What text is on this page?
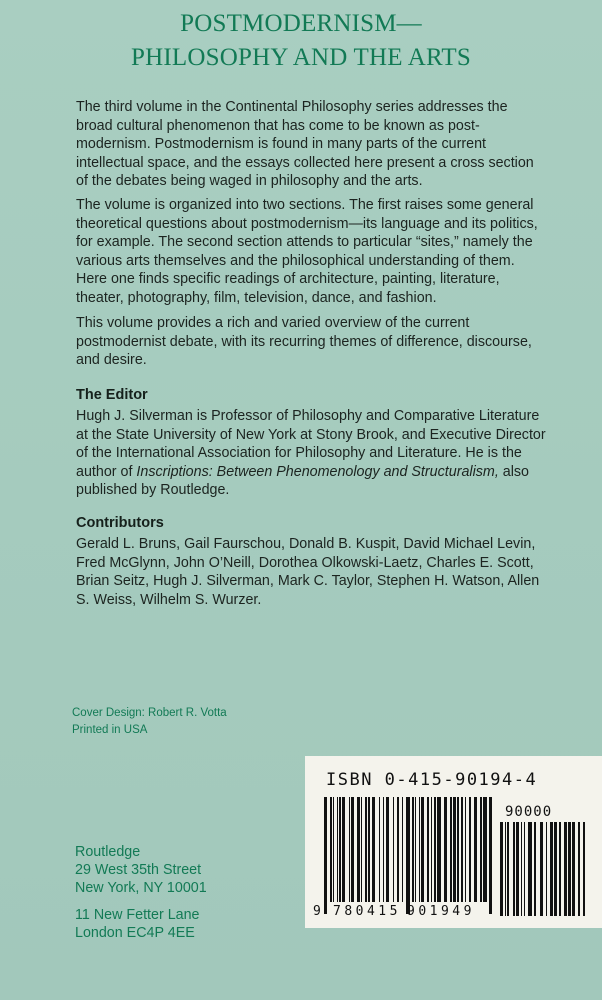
POSTMODERNISM—
PHILOSOPHY AND THE ARTS

The third volume in the Continental Philosophy series addresses the broad cultural phenomenon that has come to be known as post-modernism. Postmodernism is found in many parts of the current intellectual space, and the essays collected here present a cross section of the debates being waged in philosophy and the arts.

The volume is organized into two sections. The first raises some general theoretical questions about postmodernism—its language and its politics, for example. The second section attends to particular “sites,” namely the various arts themselves and the philosophical understanding of them. Here one finds specific readings of architecture, painting, literature, theater, photography, film, television, dance, and fashion.

This volume provides a rich and varied overview of the current postmodernist debate, with its recurring themes of difference, discourse, and desire.

The Editor

Hugh J. Silverman is Professor of Philosophy and Comparative Literature at the State University of New York at Stony Brook, and Executive Director of the International Association for Philosophy and Literature. He is the author of Inscriptions: Between Phenomenology and Structuralism, also published by Routledge.

Contributors

Gerald L. Bruns, Gail Faurschou, Donald B. Kuspit, David Michael Levin, Fred McGlynn, John O’Neill, Dorothea Olkowski-Laetz, Charles E. Scott, Brian Seitz, Hugh J. Silverman, Mark C. Taylor, Stephen H. Watson, Allen S. Weiss, Wilhelm S. Wurzer.

Cover Design: Robert R. Votta
Printed in USA
Routledge
29 West 35th Street
New York, NY 10001
11 New Fetter Lane
London EC4P 4EE
ISBN 0-415-90194-4
90000
9 780415 901949
